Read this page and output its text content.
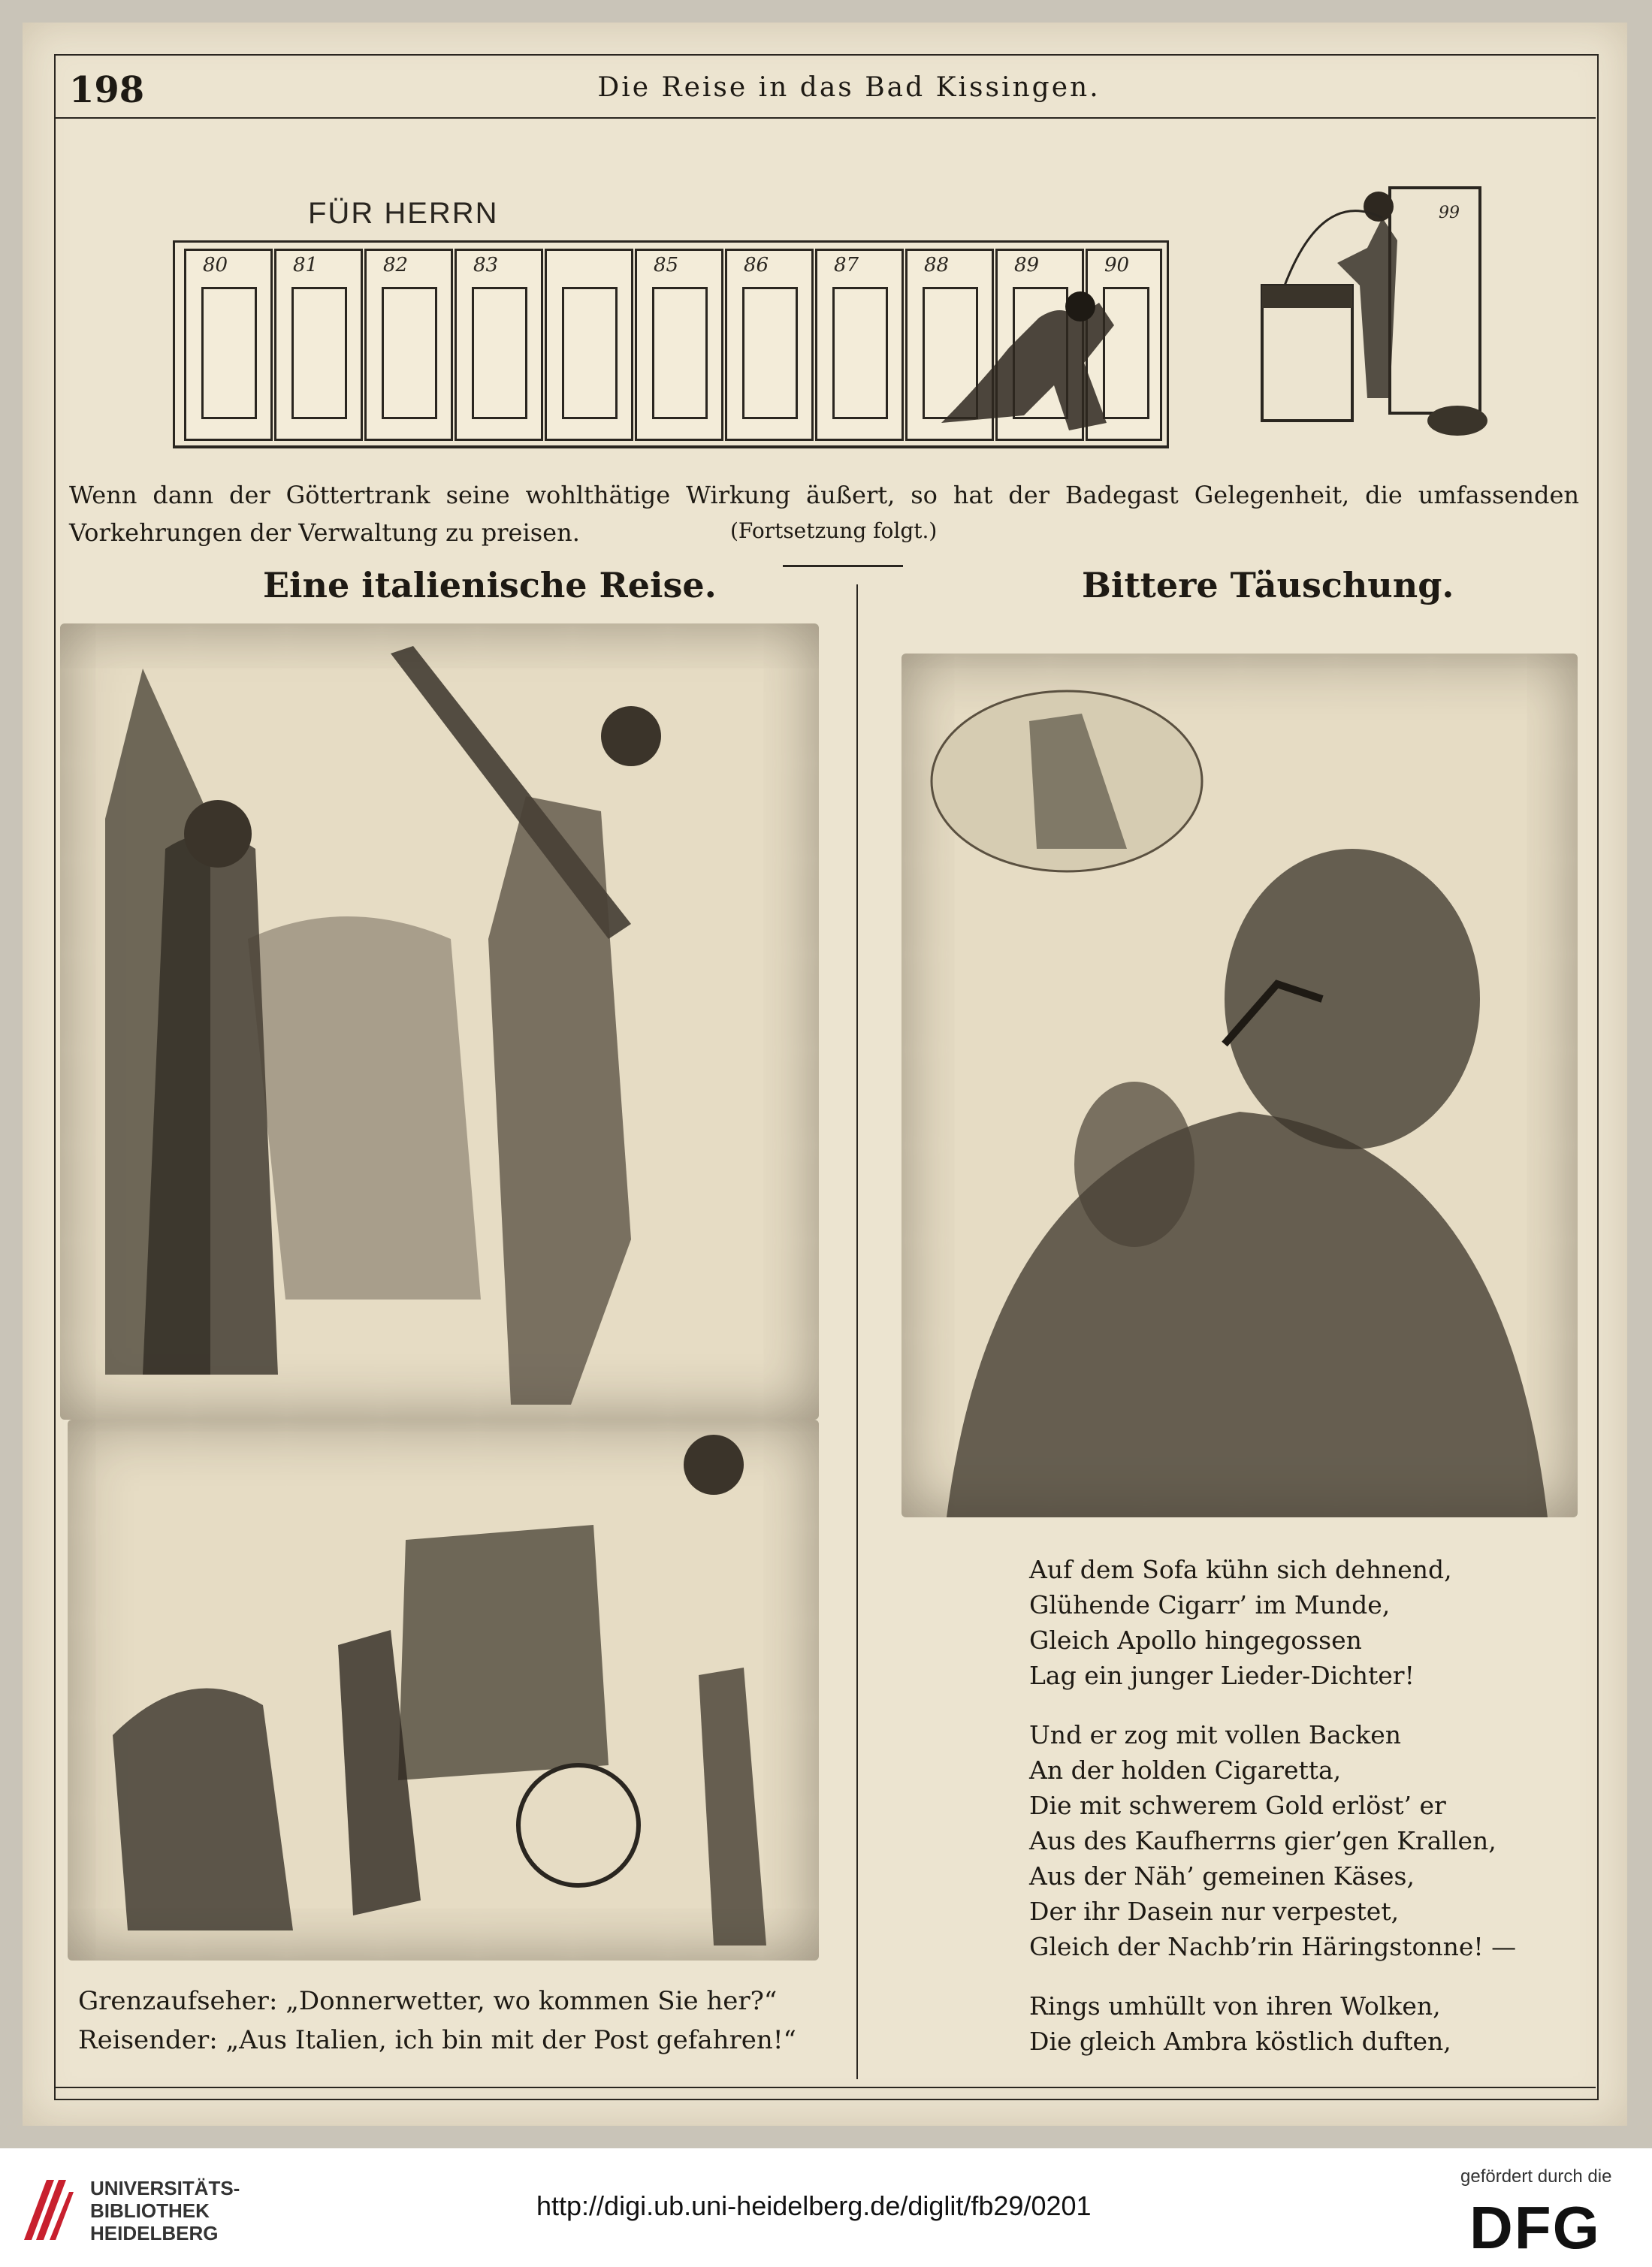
198	Die Reise in das Bad Kissingen.
FÜR HERRN
80	81	82	83	85	86	87	88	89	90
99
Wenn dann der Göttertrank seine wohlthätige Wirkung äußert, so hat der Badegast Gelegenheit, die umfassenden Vorkehrungen der Verwaltung zu preisen.	(Fortsetzung folgt.)
Eine italienische Reise.	Bittere Täuschung.
Grenzaufseher: „Donnerwetter, wo kommen Sie her?“
Reisender: „Aus Italien, ich bin mit der Post gefahren!“
Auf dem Sofa kühn sich dehnend,
Glühende Cigarr’ im Munde,
Gleich Apollo hingegossen
Lag ein junger Lieder-Dichter!
Und er zog mit vollen Backen
An der holden Cigaretta,
Die mit schwerem Gold erlöst’ er
Aus des Kaufherrns gier’gen Krallen,
Aus der Näh’ gemeinen Käses,
Der ihr Dasein nur verpestet,
Gleich der Nachb’rin Häringstonne! —
Rings umhüllt von ihren Wolken,
Die gleich Ambra köstlich duften,
UNIVERSITÄTS-
BIBLIOTHEK
HEIDELBERG
http://digi.ub.uni-heidelberg.de/diglit/fb29/0201
gefördert durch die
DFG
